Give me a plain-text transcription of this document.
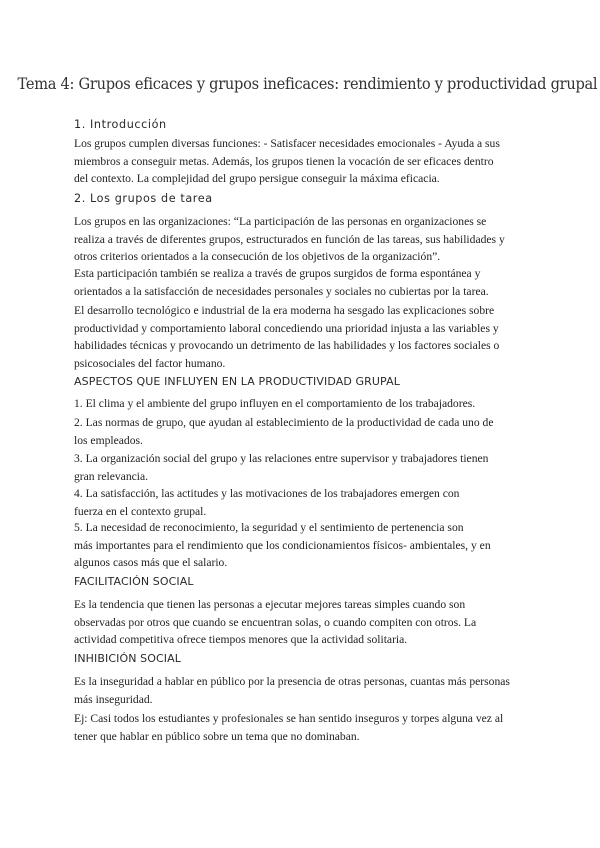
Tema 4: Grupos eficaces y grupos ineficaces: rendimiento y productividad grupal
1. Introducción
Los grupos cumplen diversas funciones: - Satisfacer necesidades emocionales - Ayuda a sus
miembros a conseguir metas. Además, los grupos tienen la vocación de ser eficaces dentro
del contexto. La complejidad del grupo persigue conseguir la máxima eficacia.
2. Los grupos de tarea
Los grupos en las organizaciones: “La participación de las personas en organizaciones se
realiza a través de diferentes grupos, estructurados en función de las tareas, sus habilidades y
otros criterios orientados a la consecución de los objetivos de la organización”.
Esta participación también se realiza a través de grupos surgidos de forma espontánea y
orientados a la satisfacción de necesidades personales y sociales no cubiertas por la tarea.
El desarrollo tecnológico e industrial de la era moderna ha sesgado las explicaciones sobre
productividad y comportamiento laboral concediendo una prioridad injusta a las variables y
habilidades técnicas y provocando un detrimento de las habilidades y los factores sociales o
psicosociales del factor humano.
ASPECTOS QUE INFLUYEN EN LA PRODUCTIVIDAD GRUPAL
1. El clima y el ambiente del grupo influyen en el comportamiento de los trabajadores.
2. Las normas de grupo, que ayudan al establecimiento de la productividad de cada uno de
los empleados.
3. La organización social del grupo y las relaciones entre supervisor y trabajadores tienen
gran relevancia.
4. La satisfacción, las actitudes y las motivaciones de los trabajadores emergen con
fuerza en el contexto grupal.
5. La necesidad de reconocimiento, la seguridad y el sentimiento de pertenencia son
más importantes para el rendimiento que los condicionamientos físicos- ambientales, y en
algunos casos más que el salario.
FACILITACIÓN SOCIAL
Es la tendencia que tienen las personas a ejecutar mejores tareas simples cuando son
observadas por otros que cuando se encuentran solas, o cuando compiten con otros. La
actividad competitiva ofrece tiempos menores que la actividad solitaria.
INHIBICIÓN SOCIAL
Es la inseguridad a hablar en público por la presencia de otras personas, cuantas más personas
más inseguridad.
Ej: Casi todos los estudiantes y profesionales se han sentido inseguros y torpes alguna vez al
tener que hablar en público sobre un tema que no dominaban.
